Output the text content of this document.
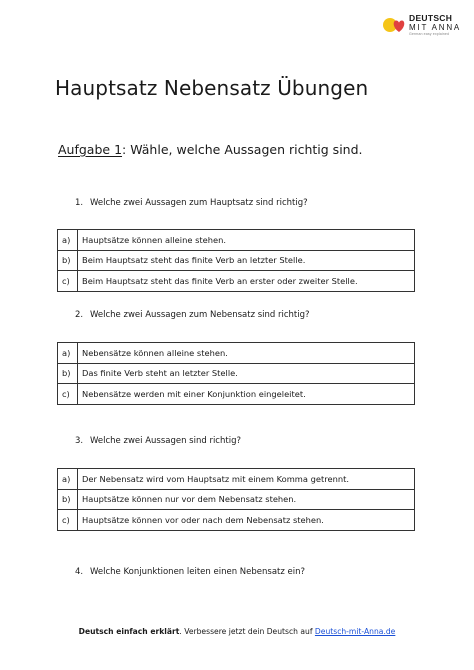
DEUTSCH
MIT ANNA
German easy explained
Hauptsatz Nebensatz Übungen

Aufgabe 1: Wähle, welche Aussagen richtig sind.

1. Welche zwei Aussagen zum Hauptsatz sind richtig?

a)	Hauptsätze können alleine stehen.
b)	Beim Hauptsatz steht das finite Verb an letzter Stelle.
c)	Beim Hauptsatz steht das finite Verb an erster oder zweiter Stelle.

2. Welche zwei Aussagen zum Nebensatz sind richtig?

a)	Nebensätze können alleine stehen.
b)	Das finite Verb steht an letzter Stelle.
c)	Nebensätze werden mit einer Konjunktion eingeleitet.

3. Welche zwei Aussagen sind richtig?

a)	Der Nebensatz wird vom Hauptsatz mit einem Komma getrennt.
b)	Hauptsätze können nur vor dem Nebensatz stehen.
c)	Hauptsätze können vor oder nach dem Nebensatz stehen.

4. Welche Konjunktionen leiten einen Nebensatz ein?

Deutsch einfach erklärt. Verbessere jetzt dein Deutsch auf Deutsch-mit-Anna.de
